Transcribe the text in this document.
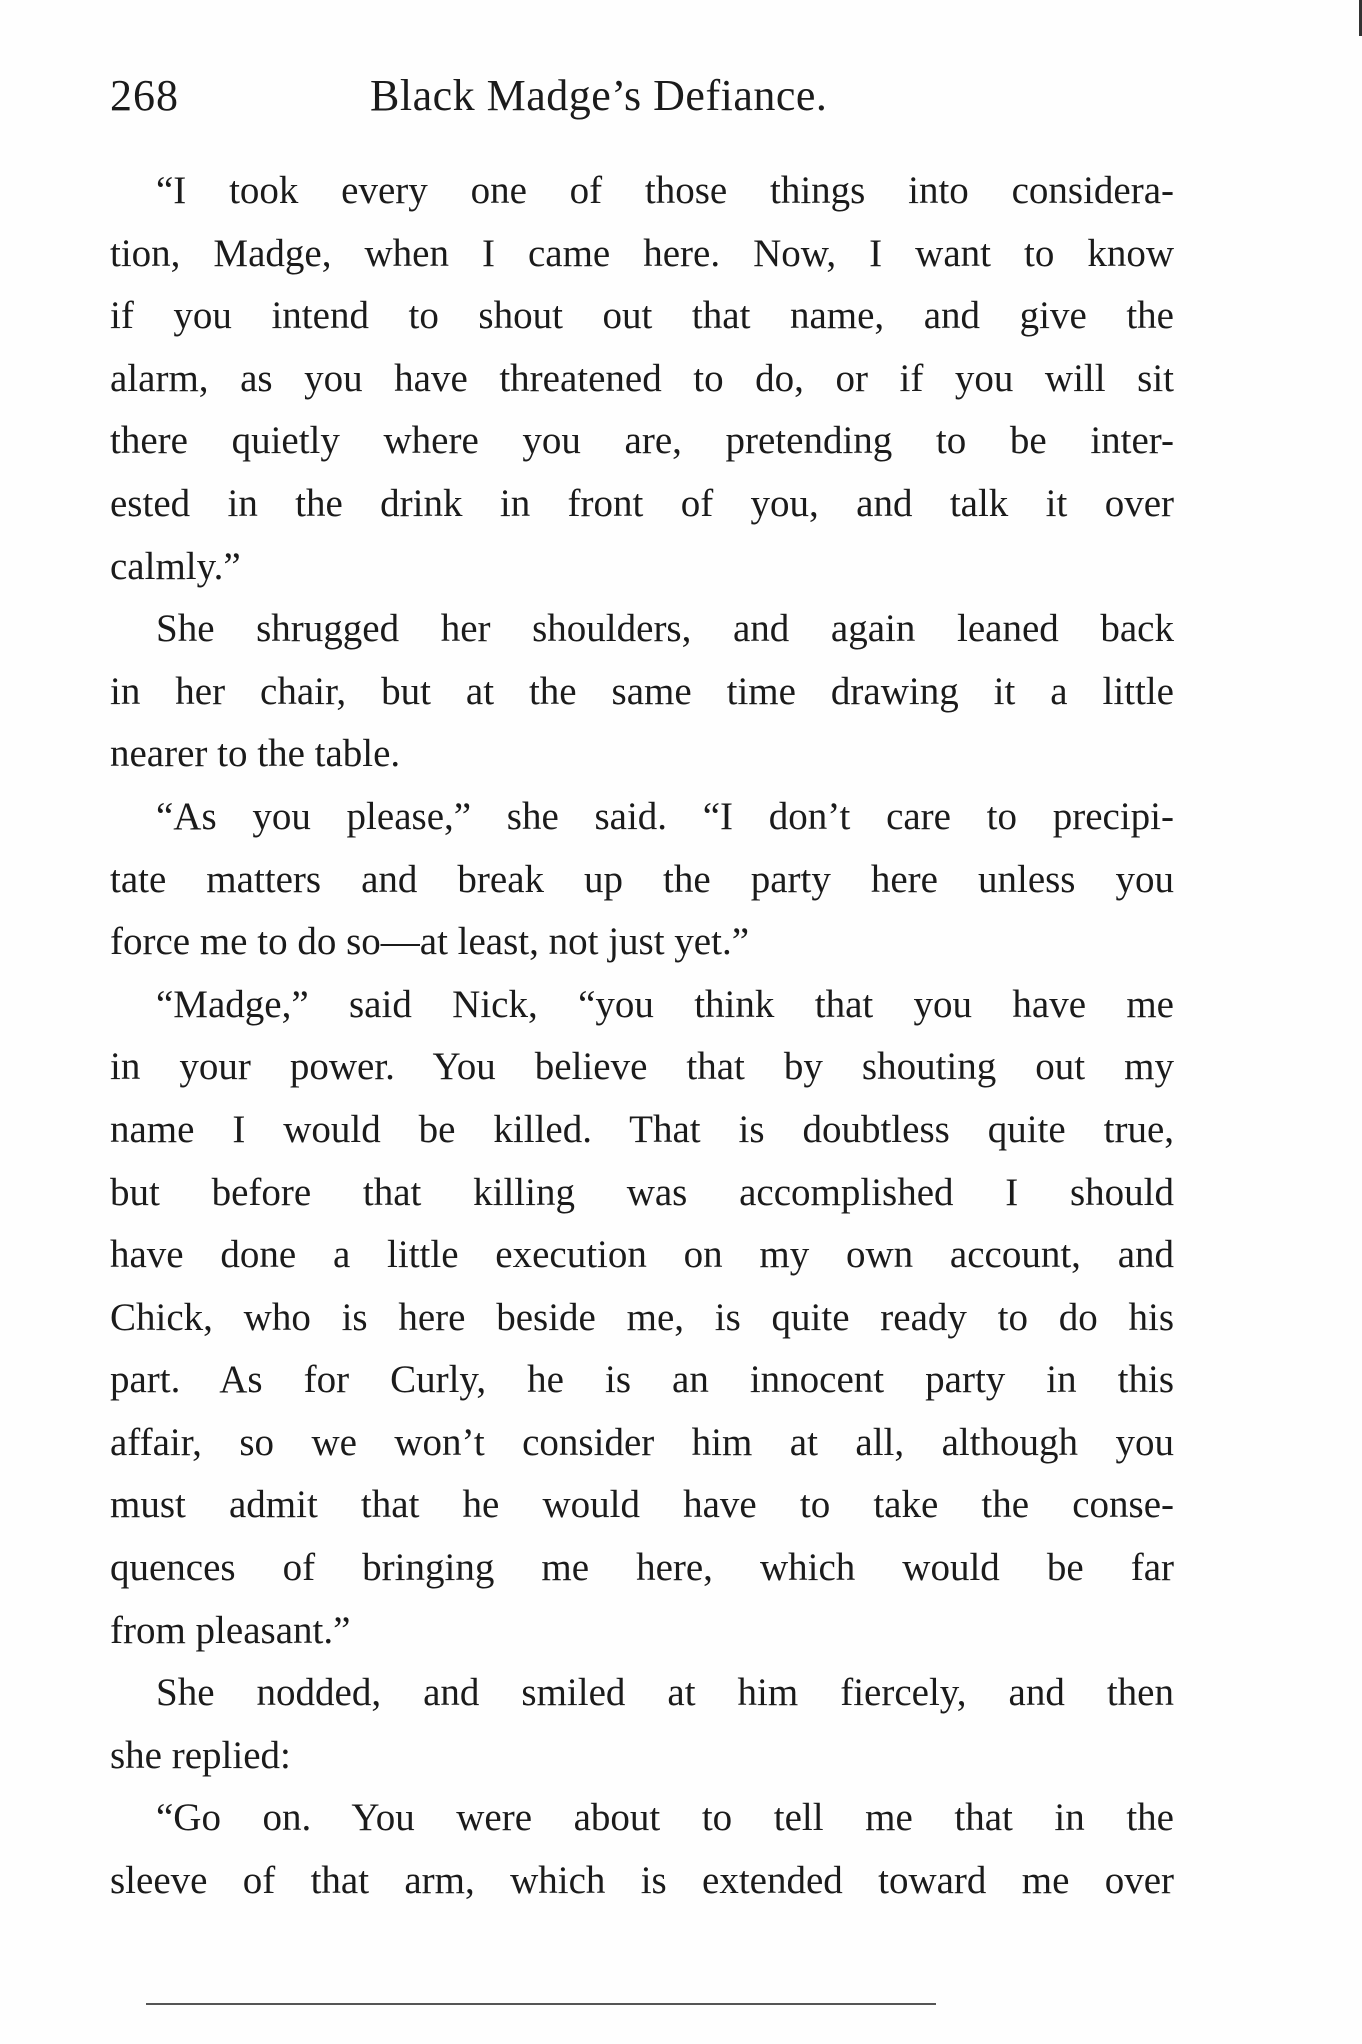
268	Black Madge’s Defiance.
“I took every one of those things into considera-
tion, Madge, when I came here. Now, I want to know
if you intend to shout out that name, and give the
alarm, as you have threatened to do, or if you will sit
there quietly where you are, pretending to be inter-
ested in the drink in front of you, and talk it over
calmly.”
She shrugged her shoulders, and again leaned back
in her chair, but at the same time drawing it a little
nearer to the table.
“As you please,” she said. “I don’t care to precipi-
tate matters and break up the party here unless you
force me to do so—at least, not just yet.”
“Madge,” said Nick, “you think that you have me
in your power. You believe that by shouting out my
name I would be killed. That is doubtless quite true,
but before that killing was accomplished I should
have done a little execution on my own account, and
Chick, who is here beside me, is quite ready to do his
part. As for Curly, he is an innocent party in this
affair, so we won’t consider him at all, although you
must admit that he would have to take the conse-
quences of bringing me here, which would be far
from pleasant.”
She nodded, and smiled at him fiercely, and then
she replied:
“Go on. You were about to tell me that in the
sleeve of that arm, which is extended toward me over
